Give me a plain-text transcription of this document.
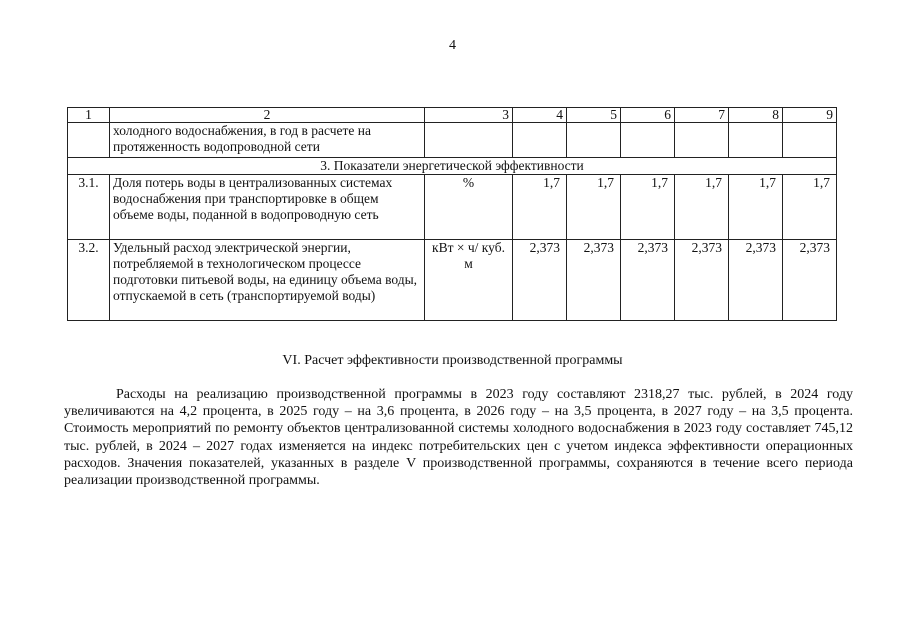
4
1	2	3	4	5	6	7	8	9
	холодного водоснабжения, в год в расчете на протяженность водопроводной сети							
3. Показатели энергетической эффективности								
3.1.	Доля потерь воды в централизованных системах водоснабжения при транспортировке в общем объеме воды, поданной в водопроводную сеть	%	1,7	1,7	1,7	1,7	1,7	1,7
3.2.	Удельный расход электрической энергии, потребляемой в технологическом процессе подготовки питьевой воды, на единицу объема воды, отпускаемой в сеть (транспортируемой воды)	кВт × ч/ куб. м	2,373	2,373	2,373	2,373	2,373	2,373
VI. Расчет эффективности производственной программы

Расходы на реализацию производственной программы в 2023 году составляют 2318,27 тыс. рублей, в 2024 году увеличиваются на 4,2 процента, в 2025 году – на 3,6 процента, в 2026 году – на 3,5 процента, в 2027 году – на 3,5 процента. Стоимость мероприятий по ремонту объектов централизованной системы холодного водоснабжения в 2023 году составляет 745,12 тыс. рублей, в 2024 – 2027 годах изменяется на индекс потребительских цен с учетом индекса эффективности операционных расходов. Значения показателей, указанных в разделе V производственной программы, сохраняются в течение всего периода реализации производственной программы.
